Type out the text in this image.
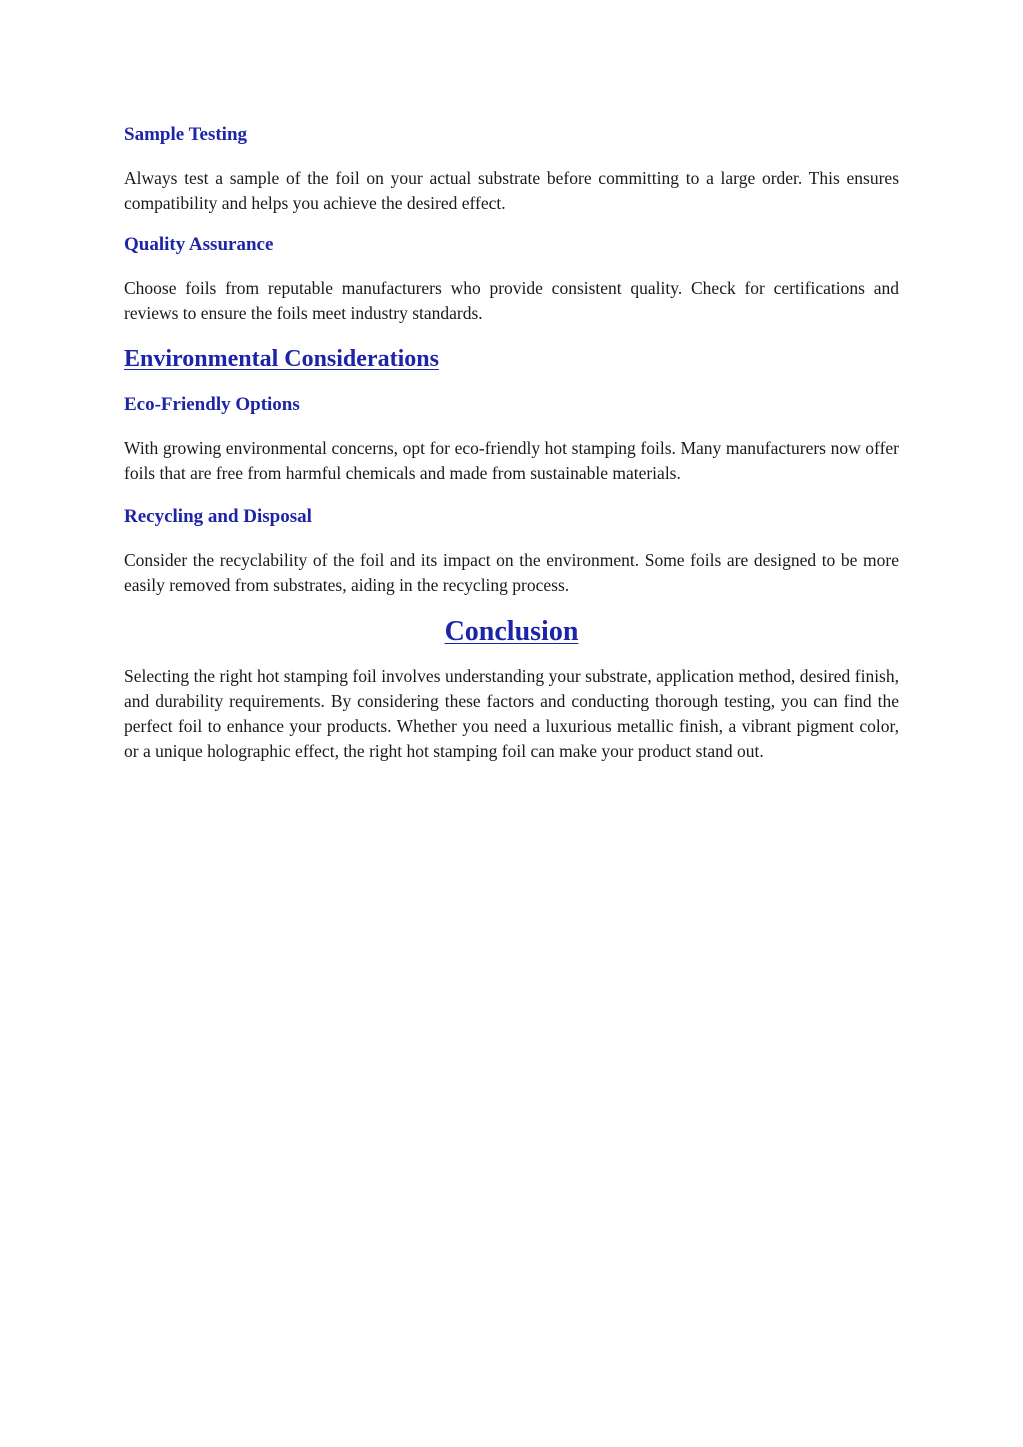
Sample Testing

Always test a sample of the foil on your actual substrate before committing to a large order. This ensures compatibility and helps you achieve the desired effect.

Quality Assurance

Choose foils from reputable manufacturers who provide consistent quality. Check for certifications and reviews to ensure the foils meet industry standards.

Environmental Considerations
Eco-Friendly Options

With growing environmental concerns, opt for eco-friendly hot stamping foils. Many manufacturers now offer foils that are free from harmful chemicals and made from sustainable materials.

Recycling and Disposal

Consider the recyclability of the foil and its impact on the environment. Some foils are designed to be more easily removed from substrates, aiding in the recycling process.

Conclusion

Selecting the right hot stamping foil involves understanding your substrate, application method, desired finish, and durability requirements. By considering these factors and conducting thorough testing, you can find the perfect foil to enhance your products. Whether you need a luxurious metallic finish, a vibrant pigment color, or a unique holographic effect, the right hot stamping foil can make your product stand out.
